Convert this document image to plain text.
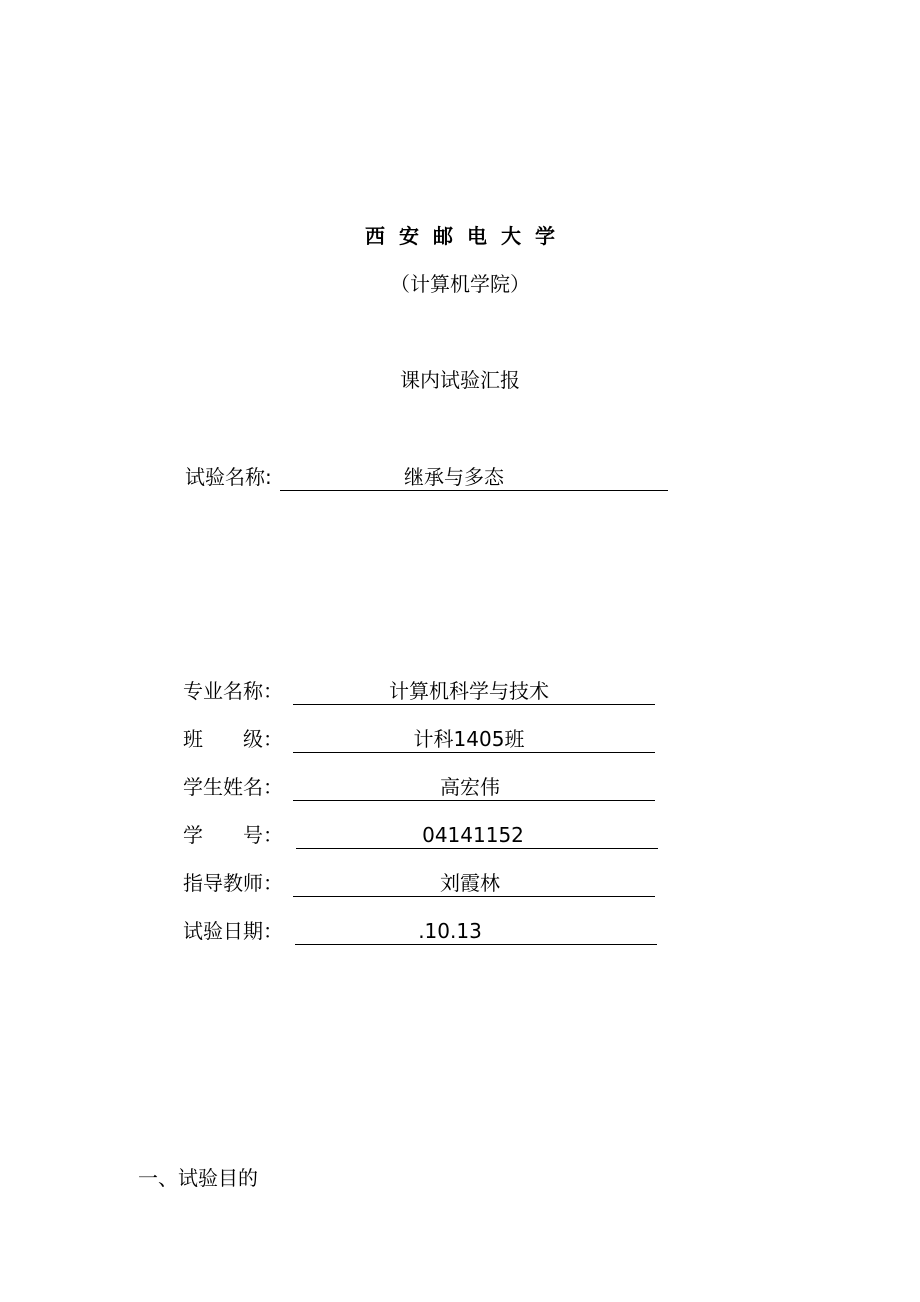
西安邮电大学
（计算机学院）
课内试验汇报
试验名称:	继承与多态
专业名称：	计算机科学与技术
班　　级：	计科1405班
学生姓名：	高宏伟
学　　号：	04141152
指导教师：	刘霞林
试验日期：	.10.13
一、试验目的
